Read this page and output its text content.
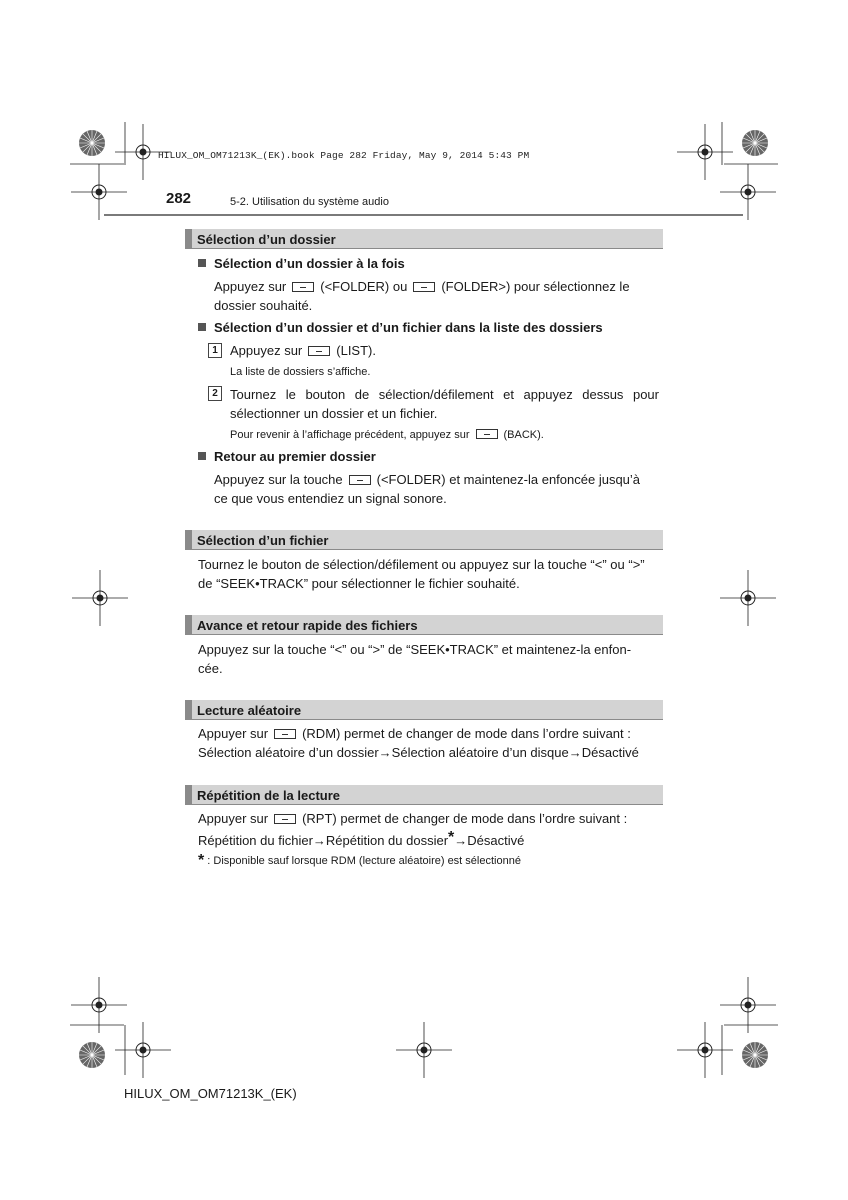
HILUX_OM_OM71213K_(EK).book Page 282 Friday, May 9, 2014 5:43 PM
282	5-2. Utilisation du système audio
Sélection d’un dossier
Sélection d’un dossier à la fois
Appuyez sur	(<FOLDER) ou	(FOLDER>) pour sélectionnez le
dossier souhaité.
Sélection d’un dossier et d’un fichier dans la liste des dossiers
1 Appuyez sur	(LIST).
La liste de dossiers s’affiche.
2 Tournez le bouton de sélection/défilement et appuyez dessus pour
sélectionner un dossier et un fichier.
Pour revenir à l’affichage précédent, appuyez sur	(BACK).
Retour au premier dossier
Appuyez sur la touche	(<FOLDER) et maintenez-la enfoncée jusqu’à
ce que vous entendiez un signal sonore.
Sélection d’un fichier
Tournez le bouton de sélection/défilement ou appuyez sur la touche “<” ou “>”
de “SEEK•TRACK” pour sélectionner le fichier souhaité.
Avance et retour rapide des fichiers
Appuyez sur la touche “<” ou “>” de “SEEK•TRACK” et maintenez-la enfon-
cée.
Lecture aléatoire
Appuyer sur	(RDM) permet de changer de mode dans l’ordre suivant :
Sélection aléatoire d’un dossier→Sélection aléatoire d’un disque→Désactivé
Répétition de la lecture
Appuyer sur	(RPT) permet de changer de mode dans l’ordre suivant :
Répétition du fichier→Répétition du dossier*→Désactivé
* : Disponible sauf lorsque RDM (lecture aléatoire) est sélectionné
HILUX_OM_OM71213K_(EK)
